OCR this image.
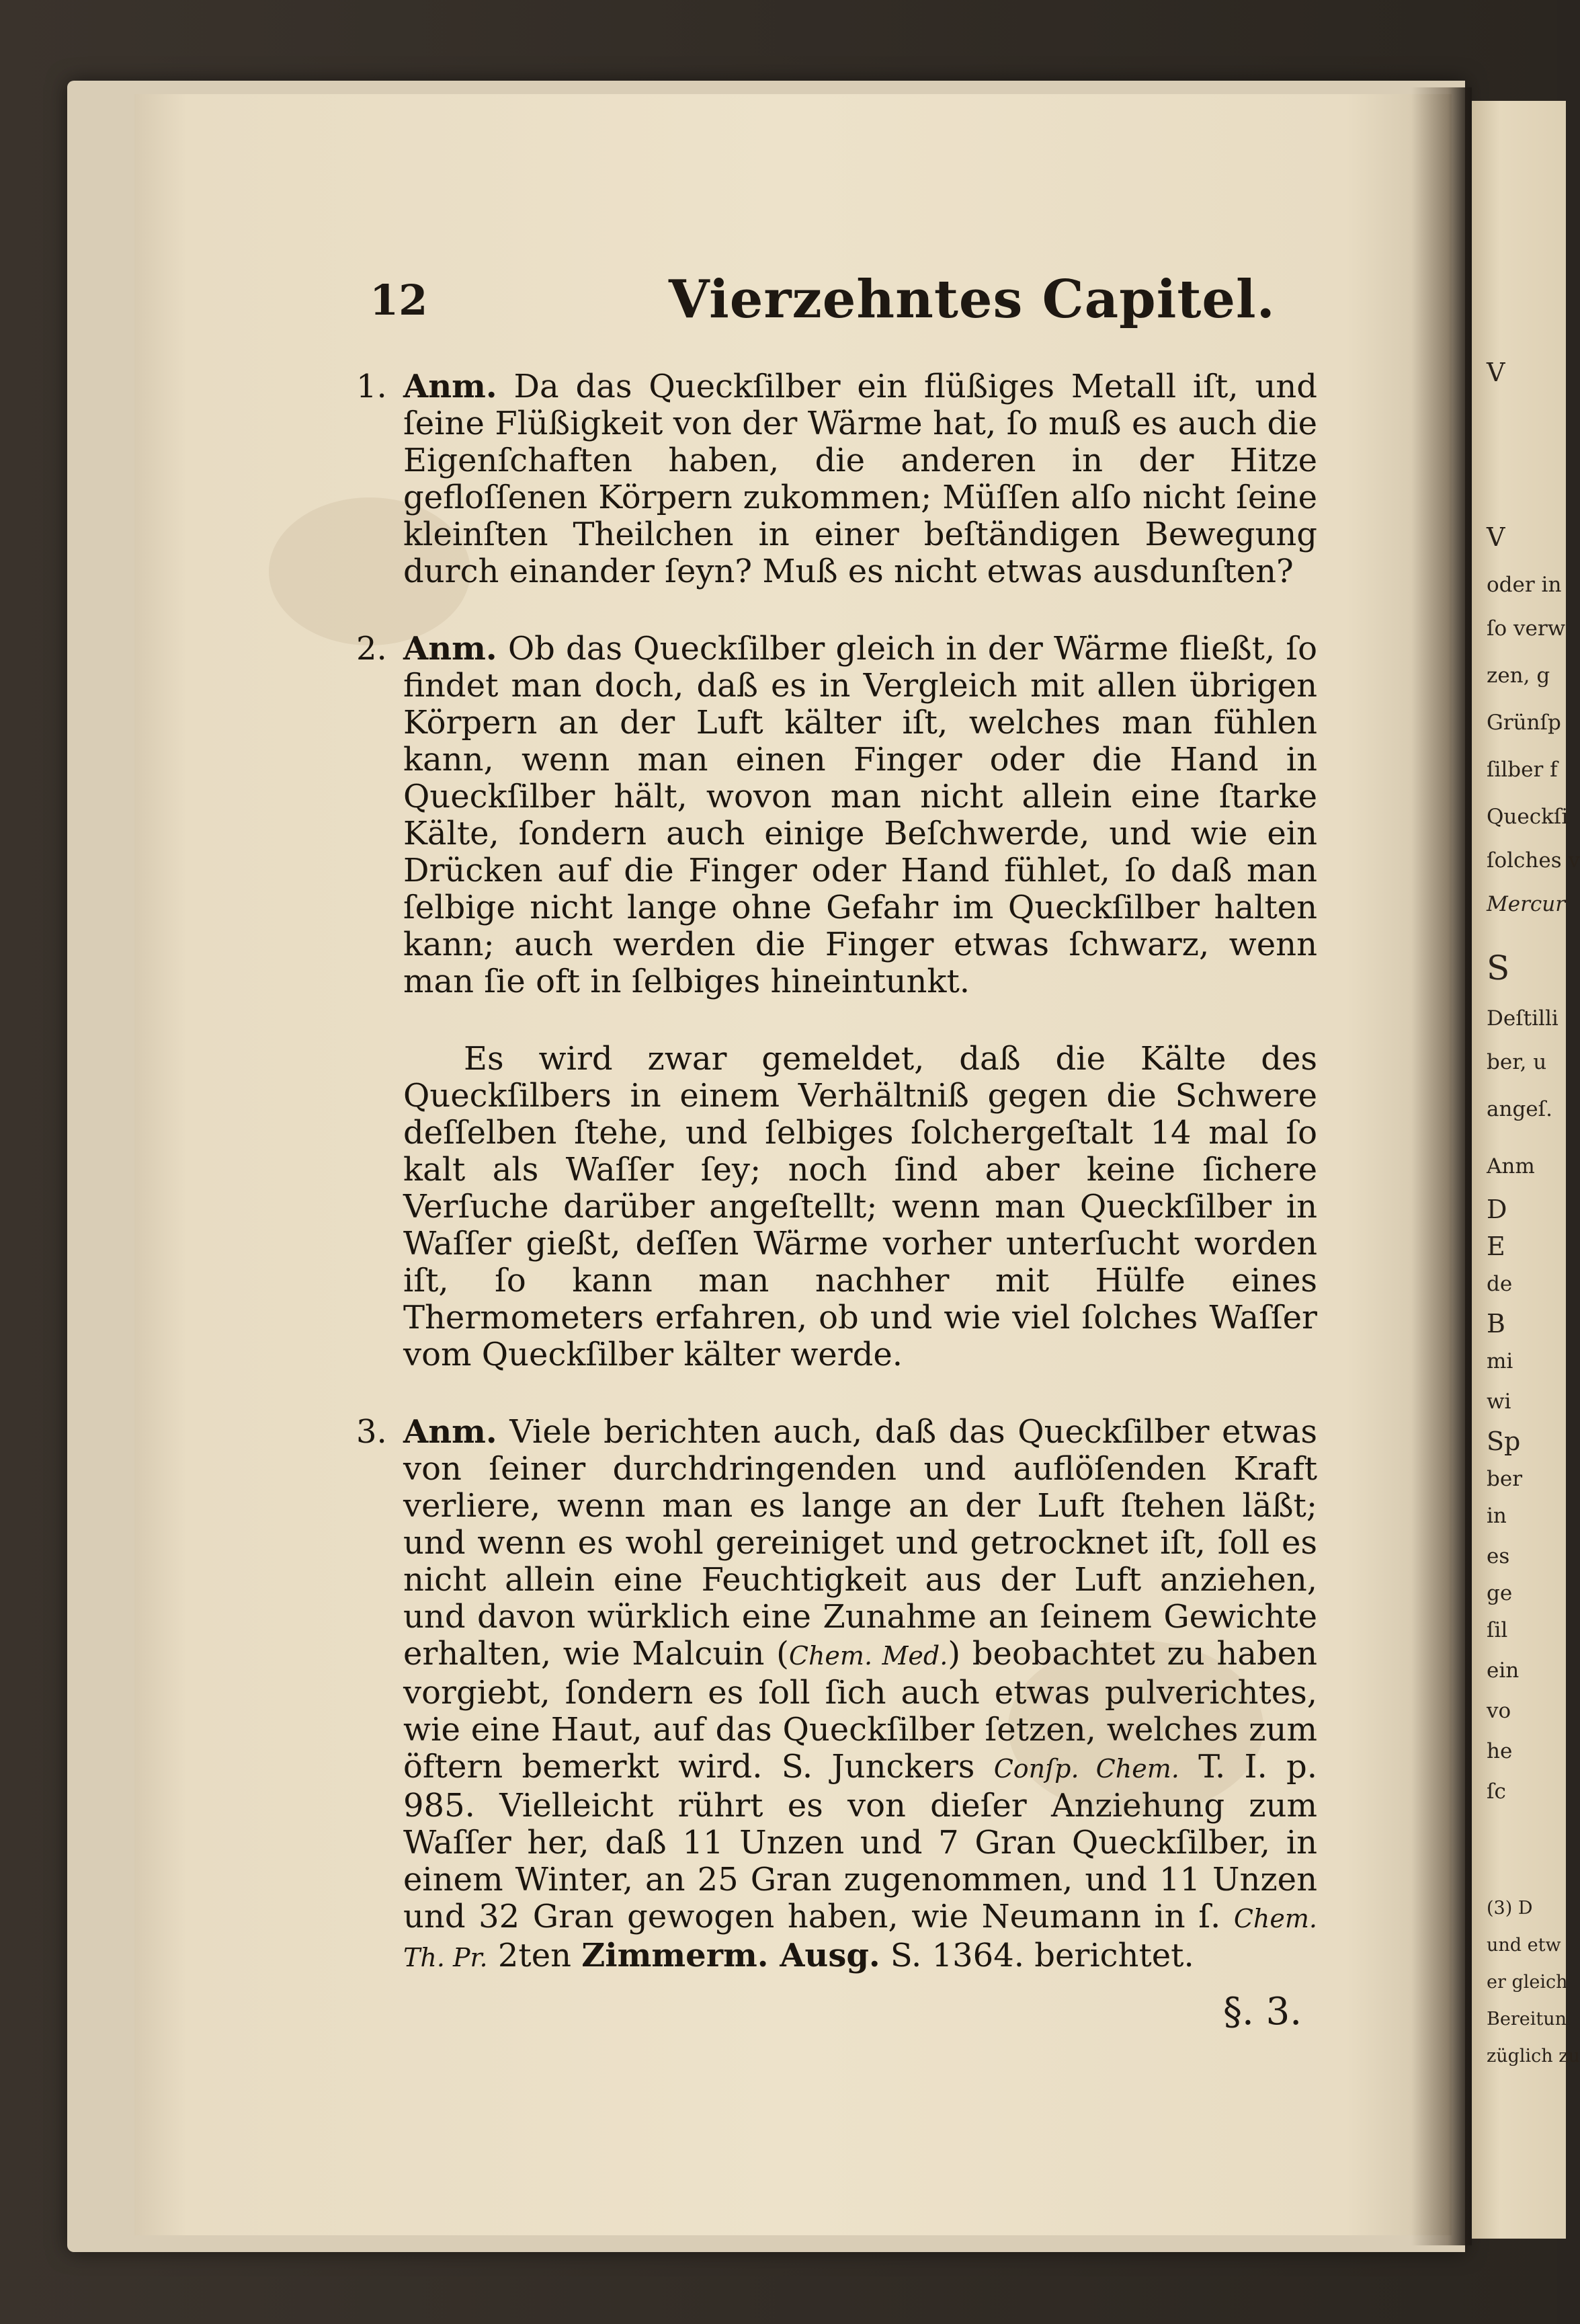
V
V
oder in
ſo verw
zen, g
Grünſp
ſilber f
Queckſi
ſolches v
Mercur
S
Deſtilli
ber, u
angeſ.
Anm
D
E
de
B
mi
wi
Sp
ber
in
es
ge
ſil
ein
vo
he
ſc
(3) D
und etw
er gleich
Bereitun
züglich zu
12	Vierzehntes Capitel.

1. Anm. Da das Queckſilber ein flüßiges Metall iſt, und ſeine Flüßigkeit von der Wärme hat, ſo muß es auch die Eigenſchaften haben, die anderen in der Hitze gefloſſenen Körpern zukommen; Müſſen alſo nicht ſeine kleinſten Theilchen in einer beſtändigen Bewegung durch einander ſeyn? Muß es nicht etwas ausdunſten?

2. Anm. Ob das Queckſilber gleich in der Wärme fließt, ſo findet man doch, daß es in Vergleich mit allen übrigen Körpern an der Luft kälter iſt, welches man fühlen kann, wenn man einen Finger oder die Hand in Queckſilber hält, wovon man nicht allein eine ſtarke Kälte, ſondern auch einige Beſchwerde, und wie ein Drücken auf die Finger oder Hand fühlet, ſo daß man ſelbige nicht lange ohne Gefahr im Queckſilber halten kann; auch werden die Finger etwas ſchwarz, wenn man ſie oft in ſelbiges hineintunkt.

Es wird zwar gemeldet, daß die Kälte des Queckſilbers in einem Verhältniß gegen die Schwere deſſelben ſtehe, und ſelbiges ſolchergeſtalt 14 mal ſo kalt als Waſſer ſey; noch ſind aber keine ſichere Verſuche darüber angeſtellt; wenn man Queckſilber in Waſſer gießt, deſſen Wärme vorher unterſucht worden iſt, ſo kann man nachher mit Hülfe eines Thermometers erfahren, ob und wie viel ſolches Waſſer vom Queckſilber kälter werde.

3. Anm. Viele berichten auch, daß das Queckſilber etwas von ſeiner durchdringenden und auflöſenden Kraft verliere, wenn man es lange an der Luft ſtehen läßt; und wenn es wohl gereiniget und getrocknet iſt, ſoll es nicht allein eine Feuchtigkeit aus der Luft anziehen, und davon würklich eine Zunahme an ſeinem Gewichte erhalten, wie Malcuin (Chem. Med.) beobachtet zu haben vorgiebt, ſondern es ſoll ſich auch etwas pulverichtes, wie eine Haut, auf das Queckſilber ſetzen, welches zum öftern bemerkt wird. S. Junckers Conſp. Chem. T. I. p. 985. Vielleicht rührt es von dieſer Anziehung zum Waſſer her, daß 11 Unzen und 7 Gran Queckſilber, in einem Winter, an 25 Gran zugenommen, und 11 Unzen und 32 Gran gewogen haben, wie Neumann in ſ. Chem. Th. Pr. 2ten Zimmerm. Ausg. S. 1364. berichtet.

§. 3.
